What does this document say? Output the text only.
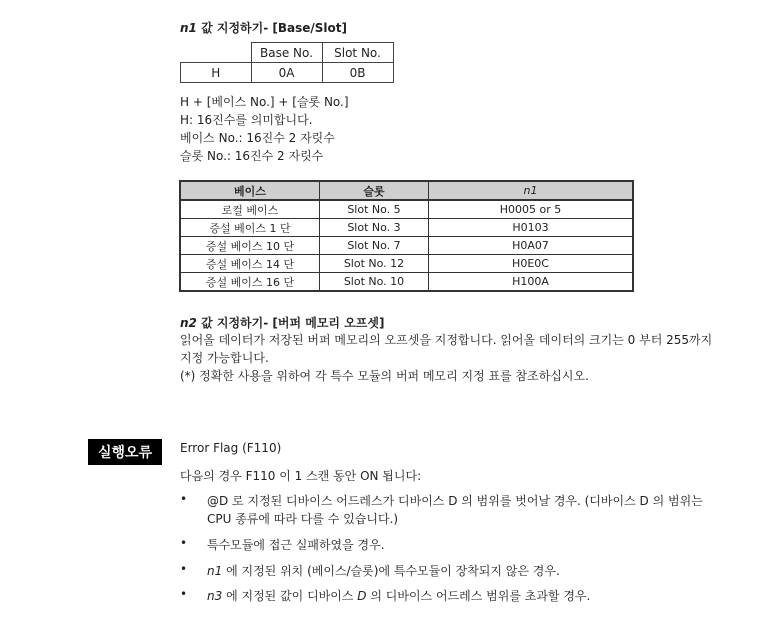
n1 값 지정하기- [Base/Slot]
	Base No.	Slot No.
H	0A	0B
H + [베이스 No.] + [슬롯 No.]
H: 16진수를 의미합니다.
베이스 No.: 16진수 2 자릿수
슬롯 No.: 16진수 2 자릿수
베이스	슬롯	n1
로컬 베이스	Slot No. 5	H0005 or 5
증설 베이스 1 단	Slot No. 3	H0103
증설 베이스 10 단	Slot No. 7	H0A07
증설 베이스 14 단	Slot No. 12	H0E0C
증설 베이스 16 단	Slot No. 10	H100A
n2 값 지정하기- [버퍼 메모리 오프셋]
읽어올 데이터가 저장된 버퍼 메모리의 오프셋을 지정합니다. 읽어올 데이터의 크기는 0 부터 255까지
지정 가능합니다.
(*) 정확한 사용을 위하여 각 특수 모듈의 버퍼 메모리 지정 표를 참조하십시오.
실행오류	Error Flag (F110)
다음의 경우 F110 이 1 스캔 동안 ON 됩니다:
• @D 로 지정된 디바이스 어드레스가 디바이스 D 의 범위를 벗어날 경우. (디바이스 D 의 범위는
CPU 종류에 따라 다를 수 있습니다.)
• 특수모듈에 접근 실패하였을 경우.
• n1 에 지정된 위치 (베이스/슬롯)에 특수모듈이 장착되지 않은 경우.
• n3 에 지정된 값이 디바이스 D 의 디바이스 어드레스 범위를 초과할 경우.
